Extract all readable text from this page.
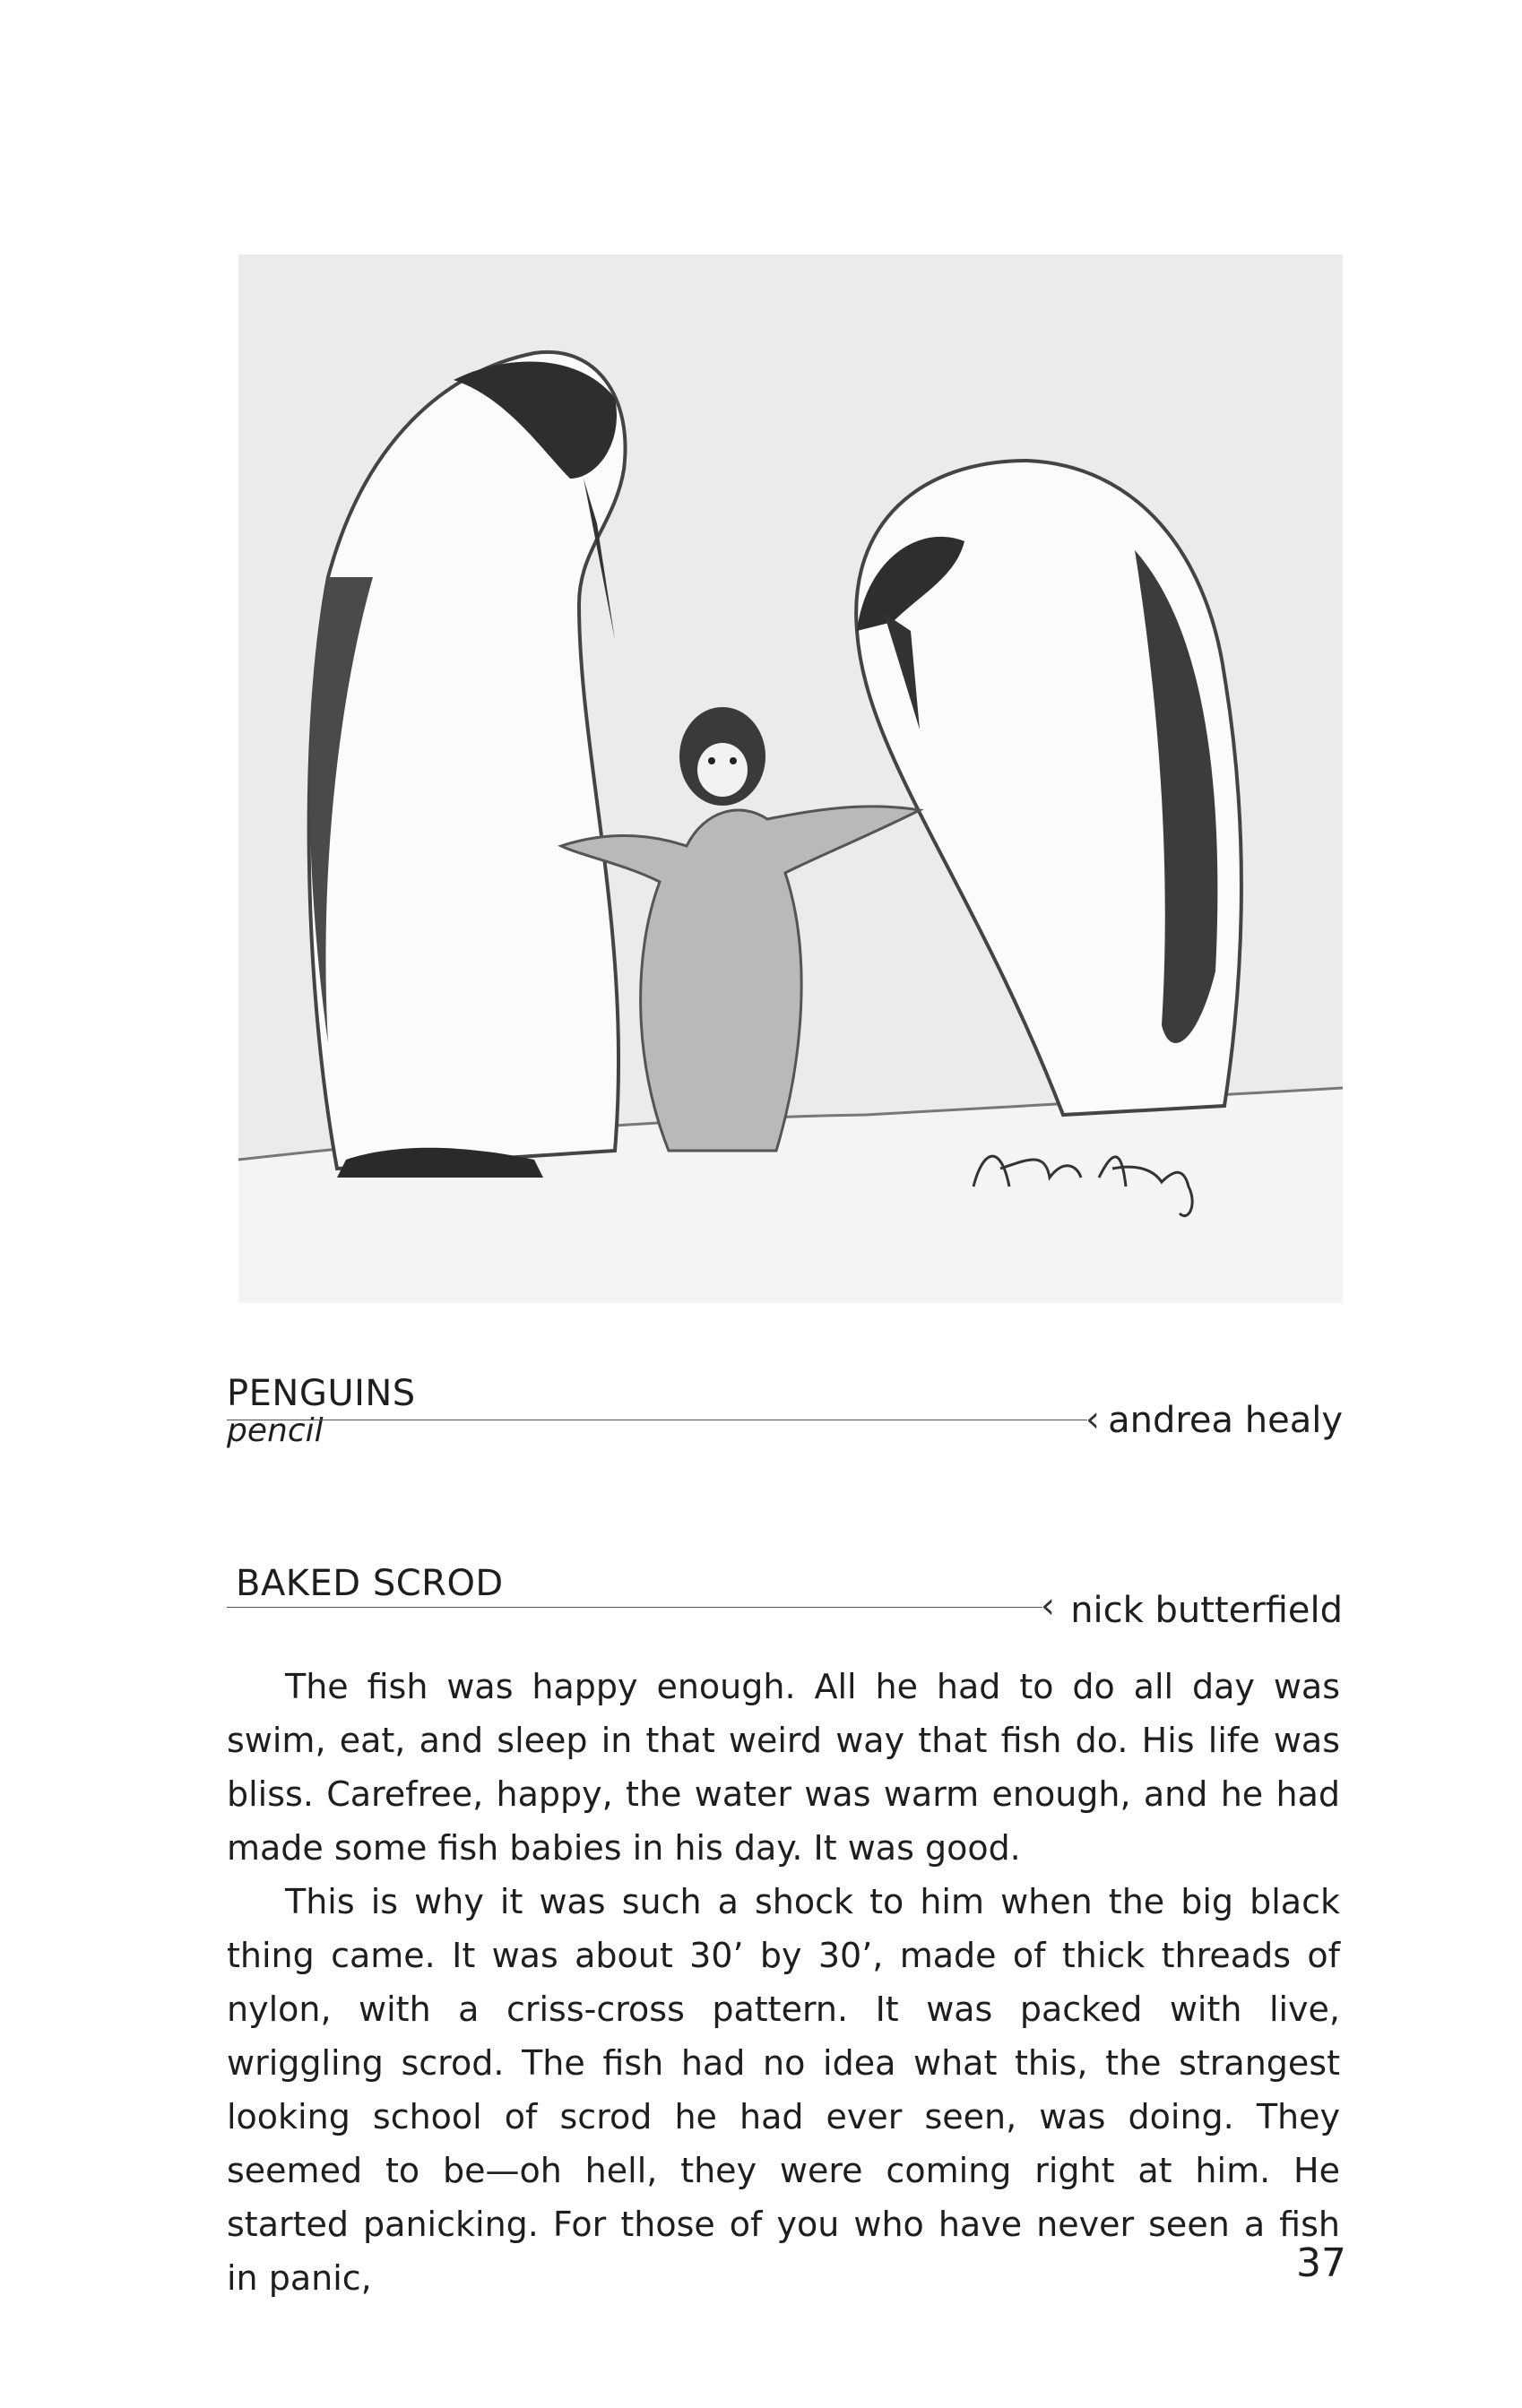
PENGUINS
pencil	‹ andrea healy
BAKED SCROD
‹ nick butterfield

The fish was happy enough. All he had to do all day was swim, eat, and sleep in that weird way that fish do. His life was bliss. Carefree, happy, the water was warm enough, and he had made some fish babies in his day. It was good.

This is why it was such a shock to him when the big black thing came. It was about 30’ by 30’, made of thick threads of nylon, with a criss-cross pattern. It was packed with live, wriggling scrod. The fish had no idea what this, the strangest looking school of scrod he had ever seen, was doing. They seemed to be—oh hell, they were coming right at him. He started panicking. For those of you who have never seen a fish in panic,	37
